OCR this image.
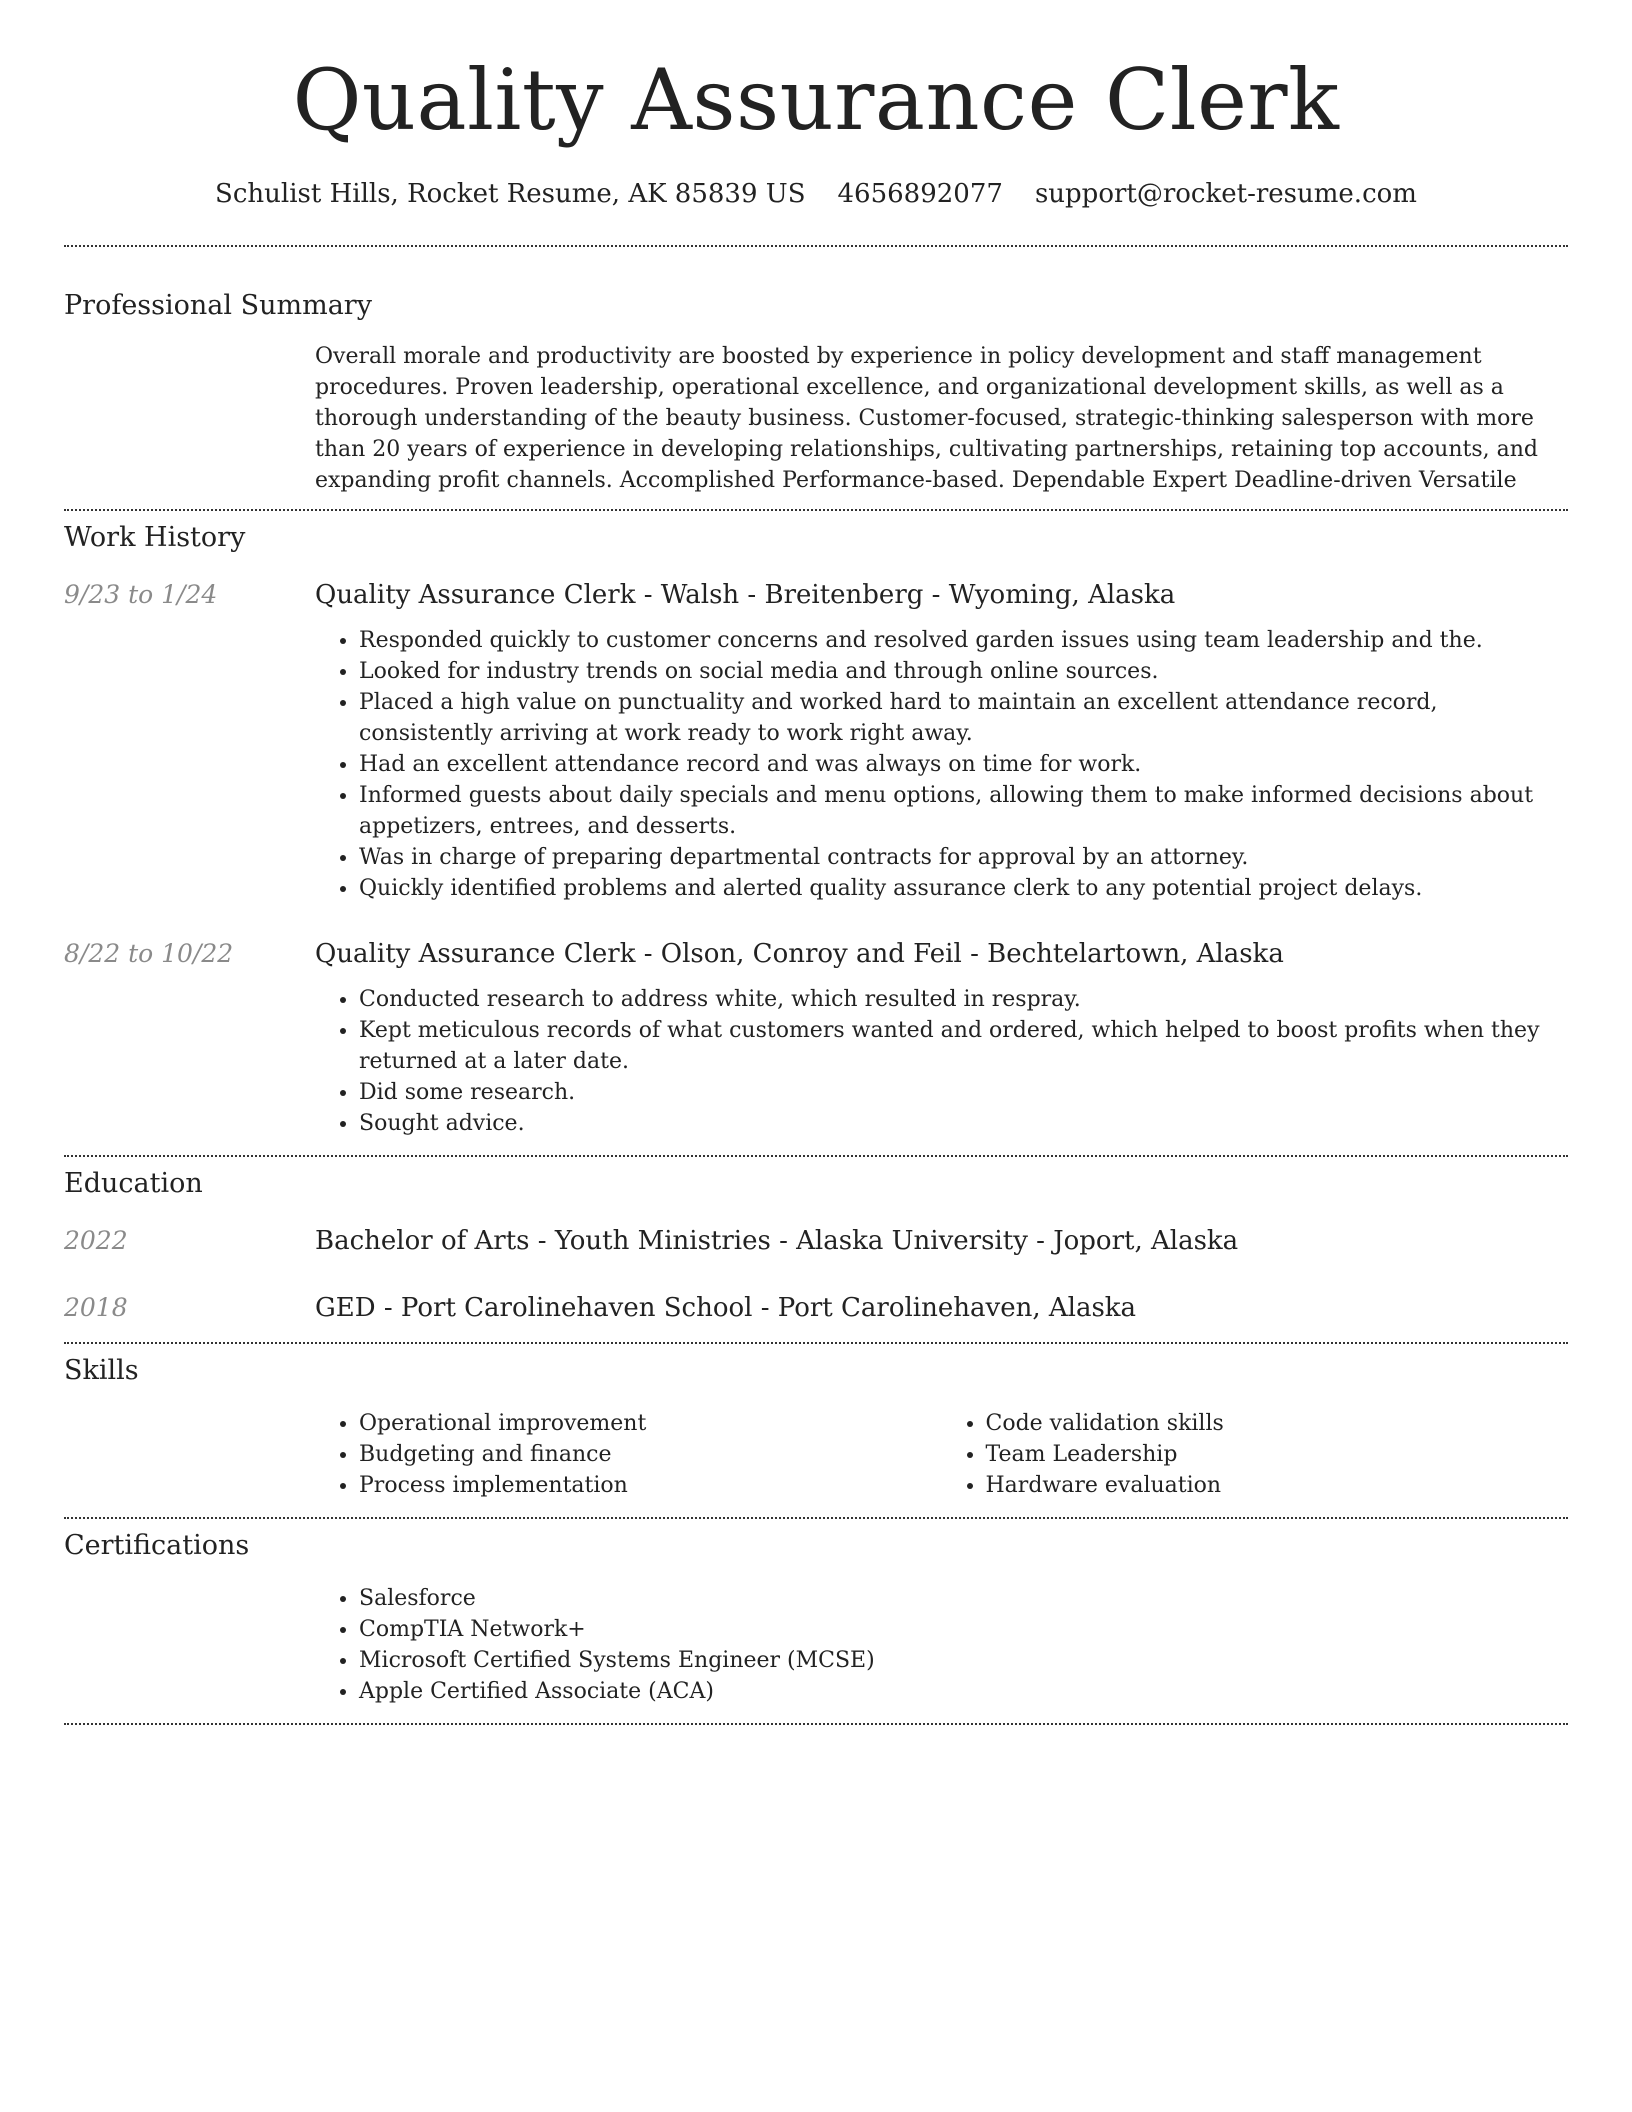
Quality Assurance Clerk
Schulist Hills, Rocket Resume, AK 85839 US 4656892077 support@rocket-resume.com
Professional Summary
Overall morale and productivity are boosted by experience in policy development and staff management procedures. Proven leadership, operational excellence, and organizational development skills, as well as a thorough understanding of the beauty business. Customer-focused, strategic-thinking salesperson with more than 20 years of experience in developing relationships, cultivating partnerships, retaining top accounts, and expanding profit channels. Accomplished Performance-based. Dependable Expert Deadline-driven Versatile
Work History
9/23 to 1/24	Quality Assurance Clerk - Walsh - Breitenberg - Wyoming, Alaska
• Responded quickly to customer concerns and resolved garden issues using team leadership and the.
• Looked for industry trends on social media and through online sources.
• Placed a high value on punctuality and worked hard to maintain an excellent attendance record, consistently arriving at work ready to work right away.
• Had an excellent attendance record and was always on time for work.
• Informed guests about daily specials and menu options, allowing them to make informed decisions about appetizers, entrees, and desserts.
• Was in charge of preparing departmental contracts for approval by an attorney.
• Quickly identified problems and alerted quality assurance clerk to any potential project delays.
8/22 to 10/22	Quality Assurance Clerk - Olson, Conroy and Feil - Bechtelartown, Alaska
• Conducted research to address white, which resulted in respray.
• Kept meticulous records of what customers wanted and ordered, which helped to boost profits when they returned at a later date.
• Did some research.
• Sought advice.
Education
2022	Bachelor of Arts - Youth Ministries - Alaska University - Joport, Alaska
2018	GED - Port Carolinehaven School - Port Carolinehaven, Alaska
Skills
• Operational improvement
• Budgeting and finance
• Process implementation
• Code validation skills
• Team Leadership
• Hardware evaluation
Certifications
• Salesforce
• CompTIA Network+
• Microsoft Certified Systems Engineer (MCSE)
• Apple Certified Associate (ACA)
